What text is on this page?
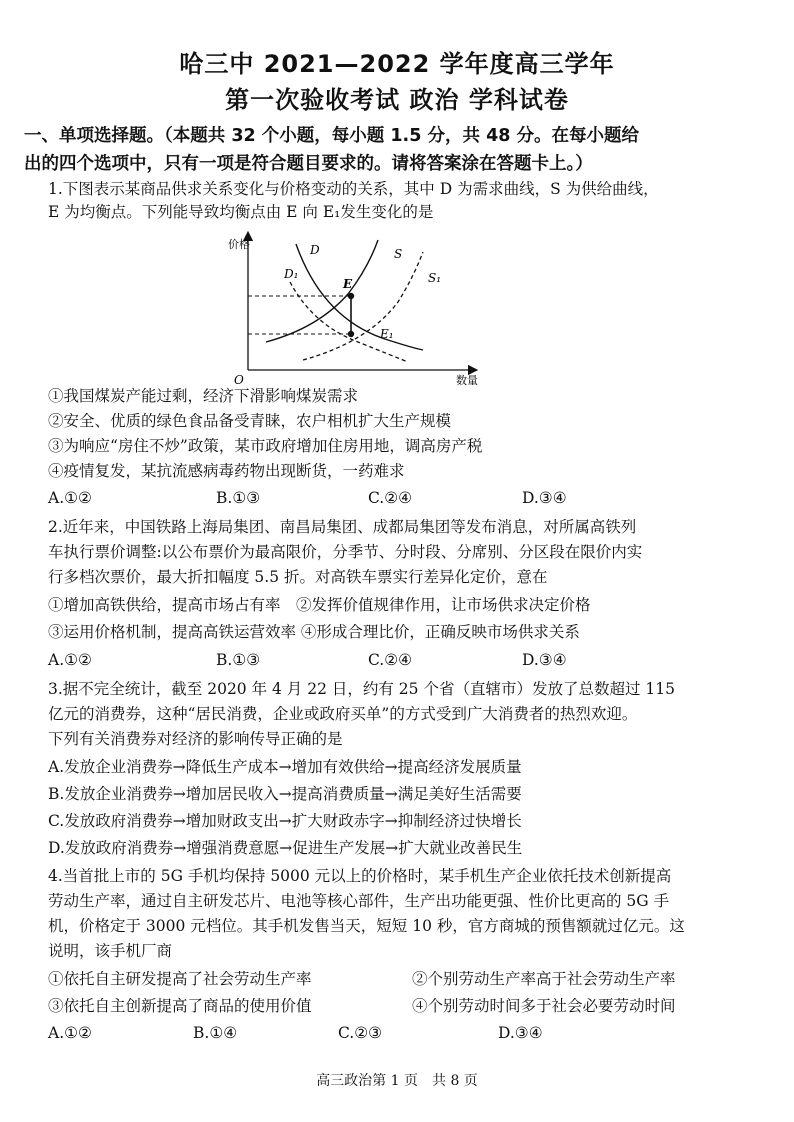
哈三中 2021—2022 学年度高三学年
第一次验收考试 政治 学科试卷
一、单项选择题。（本题共 32 个小题，每小题 1.5 分，共 48 分。在每小题给
出的四个选项中，只有一项是符合题目要求的。请将答案涂在答题卡上。）
1.下图表示某商品供求关系变化与价格变动的关系，其中 D 为需求曲线，S 为供给曲线，
E 为均衡点。下列能导致均衡点由 E 向 E₁发生变化的是
价格
数量
O
D
D₁
S
S₁
E
E₁
①我国煤炭产能过剩，经济下滑影响煤炭需求
②安全、优质的绿色食品备受青睐，农户相机扩大生产规模
③为响应“房住不炒”政策，某市政府增加住房用地，调高房产税
④疫情复发，某抗流感病毒药物出现断货，一药难求
A.①②	B.①③	C.②④	D.③④
2.近年来，中国铁路上海局集团、南昌局集团、成都局集团等发布消息，对所属高铁列
车执行票价调整:以公布票价为最高限价，分季节、分时段、分席别、分区段在限价内实
行多档次票价，最大折扣幅度 5.5 折。对高铁车票实行差异化定价，意在
①增加高铁供给，提高市场占有率　②发挥价值规律作用，让市场供求决定价格
③运用价格机制，提高高铁运营效率 ④形成合理比价，正确反映市场供求关系
A.①②	B.①③	C.②④	D.③④
3.据不完全统计，截至 2020 年 4 月 22 日，约有 25 个省（直辖市）发放了总数超过 115
亿元的消费券，这种“居民消费，企业或政府买单”的方式受到广大消费者的热烈欢迎。
下列有关消费券对经济的影响传导正确的是
A.发放企业消费券→降低生产成本→增加有效供给→提高经济发展质量
B.发放企业消费券→增加居民收入→提高消费质量→满足美好生活需要
C.发放政府消费券→增加财政支出→扩大财政赤字→抑制经济过快增长
D.发放政府消费券→增强消费意愿→促进生产发展→扩大就业改善民生
4.当首批上市的 5G 手机均保持 5000 元以上的价格时，某手机生产企业依托技术创新提高
劳动生产率，通过自主研发芯片、电池等核心部件，生产出功能更强、性价比更高的 5G 手
机，价格定于 3000 元档位。其手机发售当天，短短 10 秒，官方商城的预售额就过亿元。这
说明，该手机厂商
①依托自主研发提高了社会劳动生产率	②个别劳动生产率高于社会劳动生产率
③依托自主创新提高了商品的使用价值	④个别劳动时间多于社会必要劳动时间
A.①②	B.①④	C.②③	D.③④
高三政治第 1 页　共 8 页
